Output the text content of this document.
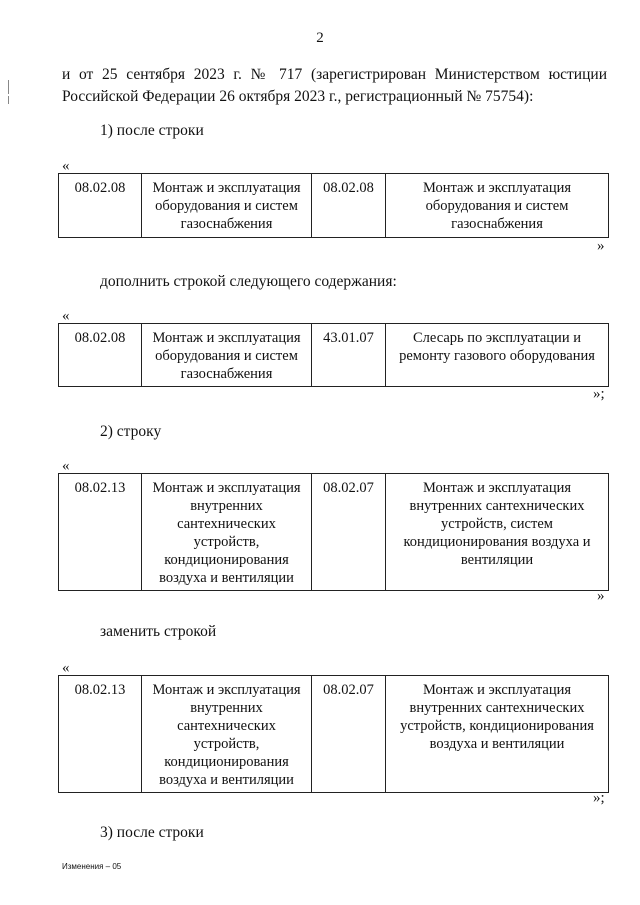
2
и от 25 сентября 2023 г. № 717 (зарегистрирован Министерством юстиции
Российской Федерации 26 октября 2023 г., регистрационный № 75754):
1) после строки
«
08.02.08	Монтаж и эксплуатация оборудования и систем газоснабжения	08.02.08	Монтаж и эксплуатация оборудования и систем газоснабжения
»
дополнить строкой следующего содержания:
«
08.02.08	Монтаж и эксплуатация оборудования и систем газоснабжения	43.01.07	Слесарь по эксплуатации и ремонту газового оборудования
»;
2) строку
«
08.02.13	Монтаж и эксплуатация внутренних сантехнических устройств, кондиционирования воздуха и вентиляции	08.02.07	Монтаж и эксплуатация внутренних сантехнических устройств, систем кондиционирования воздуха и вентиляции
»
заменить строкой
«
08.02.13	Монтаж и эксплуатация внутренних сантехнических устройств, кондиционирования воздуха и вентиляции	08.02.07	Монтаж и эксплуатация внутренних сантехнических устройств, кондиционирования воздуха и вентиляции
»;
3) после строки
Изменения – 05
